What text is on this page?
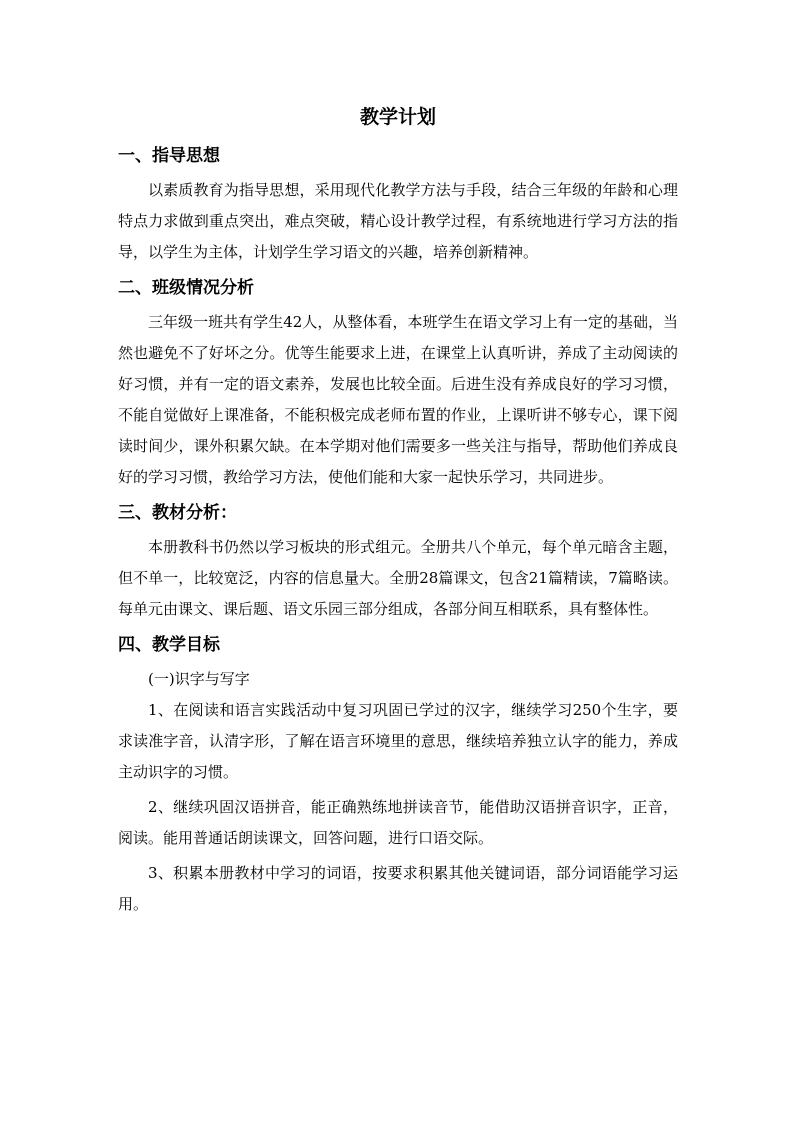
教学计划
一、指导思想

以素质教育为指导思想，采用现代化教学方法与手段，结合三年级的年龄和心理特点力求做到重点突出，难点突破，精心设计教学过程，有系统地进行学习方法的指导，以学生为主体，计划学生学习语文的兴趣，培养创新精神。

二、班级情况分析

三年级一班共有学生42人，从整体看，本班学生在语文学习上有一定的基础，当然也避免不了好坏之分。优等生能要求上进，在课堂上认真听讲，养成了主动阅读的好习惯，并有一定的语文素养，发展也比较全面。后进生没有养成良好的学习习惯，不能自觉做好上课准备，不能积极完成老师布置的作业，上课听讲不够专心，课下阅读时间少，课外积累欠缺。在本学期对他们需要多一些关注与指导，帮助他们养成良好的学习习惯，教给学习方法，使他们能和大家一起快乐学习，共同进步。

三、教材分析：

本册教科书仍然以学习板块的形式组元。全册共八个单元，每个单元暗含主题，但不单一，比较宽泛，内容的信息量大。全册28篇课文，包含21篇精读，7篇略读。 每单元由课文、课后题、语文乐园三部分组成，各部分间互相联系，具有整体性。

四、教学目标

(一)识字与写字

1、在阅读和语言实践活动中复习巩固已学过的汉字，继续学习250个生字，要求读准字音，认清字形，了解在语言环境里的意思，继续培养独立认字的能力，养成主动识字的习惯。

2、继续巩固汉语拼音，能正确熟练地拼读音节，能借助汉语拼音识字，正音，阅读。能用普通话朗读课文，回答问题，进行口语交际。

3、积累本册教材中学习的词语，按要求积累其他关键词语，部分词语能学习运用。
